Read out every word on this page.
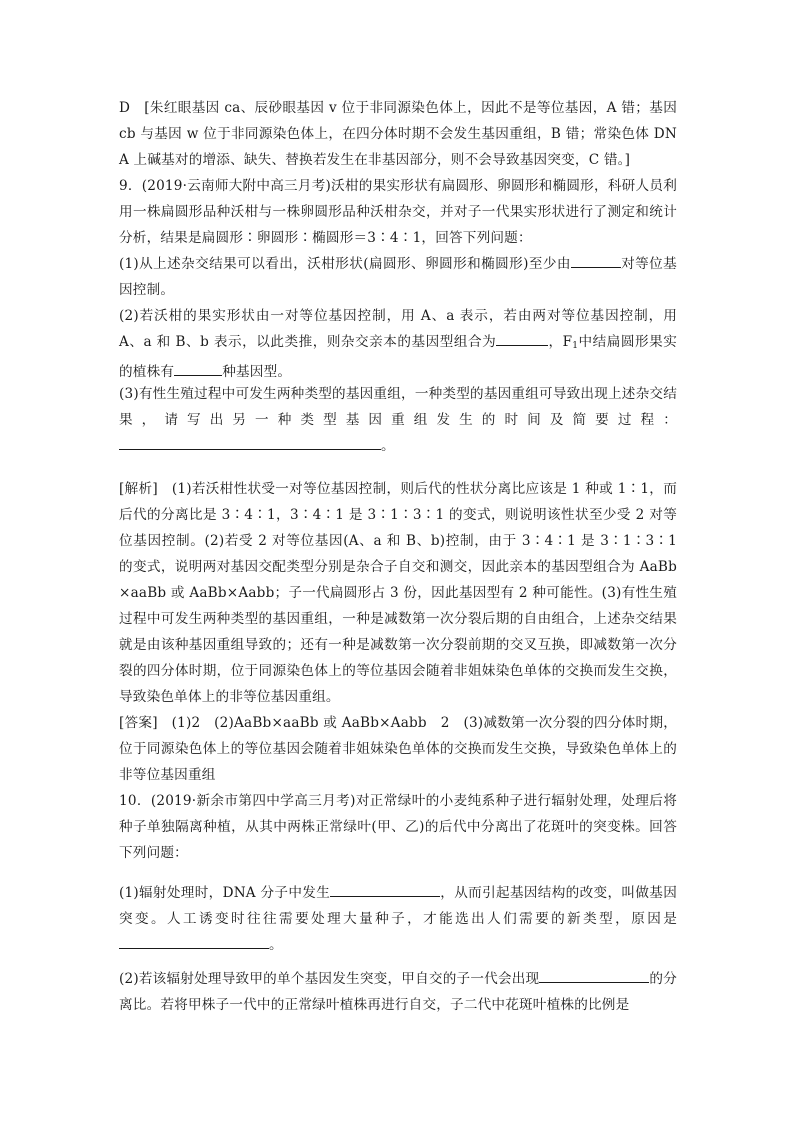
D　[朱红眼基因 ca、辰砂眼基因 v 位于非同源染色体上，因此不是等位基因，A 错；基因 cb 与基因 w 位于非同源染色体上，在四分体时期不会发生基因重组，B 错；常染色体 DNA 上碱基对的增添、缺失、替换若发生在非基因部分，则不会导致基因突变，C 错。]

9．(2019·云南师大附中高三月考)沃柑的果实形状有扁圆形、卵圆形和椭圆形，科研人员利用一株扁圆形品种沃柑与一株卵圆形品种沃柑杂交，并对子一代果实形状进行了测定和统计分析，结果是扁圆形∶卵圆形∶椭圆形＝3∶4∶1，回答下列问题：

(1)从上述杂交结果可以看出，沃柑形状(扁圆形、卵圆形和椭圆形)至少由	对等位基因控制。

(2)若沃柑的果实形状由一对等位基因控制，用 A、a 表示，若由两对等位基因控制，用 A、a 和 B、b 表示，以此类推，则杂交亲本的基因型组合为	，$F_1$中结扁圆形果实的植株有	种基因型。

(3)有性生殖过程中可发生两种类型的基因重组，一种类型的基因重组可导致出现上述杂交结果，请写出另一种类型基因重组发生的时间及简要过程：

。

[解析]　(1)若沃柑性状受一对等位基因控制，则后代的性状分离比应该是 1 种或 1∶1，而后代的分离比是 3∶4∶1，3∶4∶1 是 3∶1∶3∶1 的变式，则说明该性状至少受 2 对等位基因控制。(2)若受 2 对等位基因(A、a 和 B、b)控制，由于 3∶4∶1 是 3∶1∶3∶1 的变式，说明两对基因交配类型分别是杂合子自交和测交，因此亲本的基因型组合为 AaBb×aaBb 或 AaBb×Aabb；子一代扁圆形占 3 份，因此基因型有 2 种可能性。(3)有性生殖过程中可发生两种类型的基因重组，一种是减数第一次分裂后期的自由组合，上述杂交结果就是由该种基因重组导致的；还有一种是减数第一次分裂前期的交叉互换，即减数第一次分裂的四分体时期，位于同源染色体上的等位基因会随着非姐妹染色单体的交换而发生交换，导致染色单体上的非等位基因重组。

[答案]　(1)2　(2)AaBb×aaBb 或 AaBb×Aabb　2　(3)减数第一次分裂的四分体时期，位于同源染色体上的等位基因会随着非姐妹染色单体的交换而发生交换，导致染色单体上的非等位基因重组

10．(2019·新余市第四中学高三月考)对正常绿叶的小麦纯系种子进行辐射处理，处理后将种子单独隔离种植，从其中两株正常绿叶(甲、乙)的后代中分离出了花斑叶的突变株。回答下列问题：

(1)辐射处理时，DNA 分子中发生	，从而引起基因结构的改变，叫做基因突变。人工诱变时往往需要处理大量种子，才能选出人们需要的新类型，原因是。

(2)若该辐射处理导致甲的单个基因发生突变，甲自交的子一代会出现	的分离比。若将甲株子一代中的正常绿叶植株再进行自交，子二代中花斑叶植株的比例是
